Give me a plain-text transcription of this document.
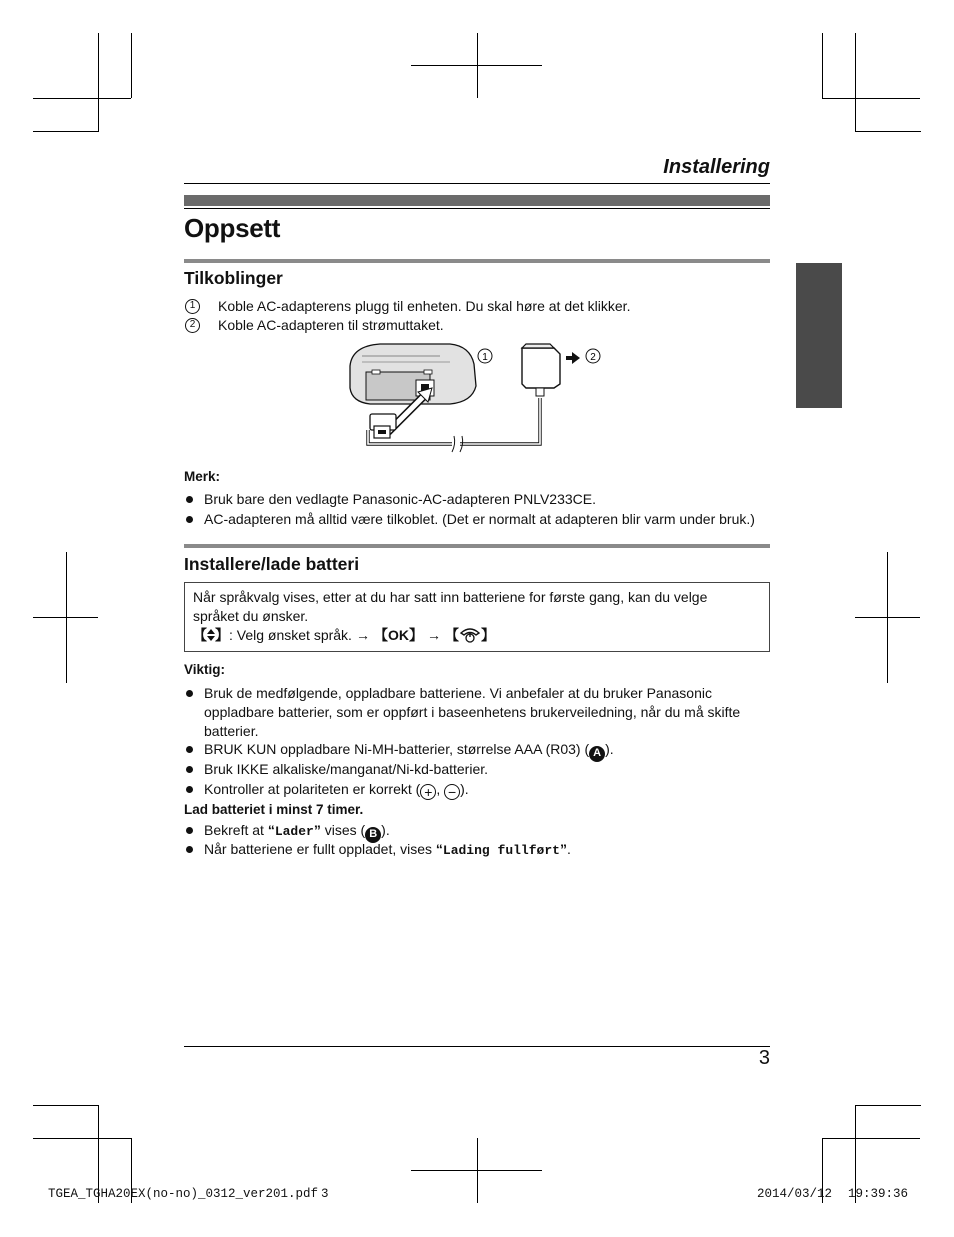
Installering
Oppsett
Tilkoblinger
1	Koble AC-adapterens plugg til enheten. Du skal høre at det klikker.
2	Koble AC-adapteren til strømuttaket.
1	2
Merk:
Bruk bare den vedlagte Panasonic-AC-adapteren PNLV233CE.
AC-adapteren må alltid være tilkoblet. (Det er normalt at adapteren blir varm under bruk.)
Installere/lade batteri
Når språkvalg vises, etter at du har satt inn batteriene for første gang, kan du velge
språket du ønsker.
【 】 : Velg ønsket språk. → 【OK】 → 【 】
Viktig:
Bruk de medfølgende, oppladbare batteriene. Vi anbefaler at du bruker Panasonic oppladbare batterier, som er oppført i baseenhetens brukerveiledning, når du må skifte batterier.
BRUK KUN oppladbare Ni-MH-batterier, størrelse AAA (R03) ( A ).
Bruk IKKE alkaliske/manganat/Ni-kd-batterier.
Kontroller at polariteten er korrekt ( + , − ).
Lad batteriet i minst 7 timer.
Bekreft at “Lader” vises ( B ).
Når batteriene er fullt oppladet, vises “Lading fullført”.
3
TGEA_TGHA20EX(no-no)_0312_ver201.pdf 3	2014/03/12 19:39:36
